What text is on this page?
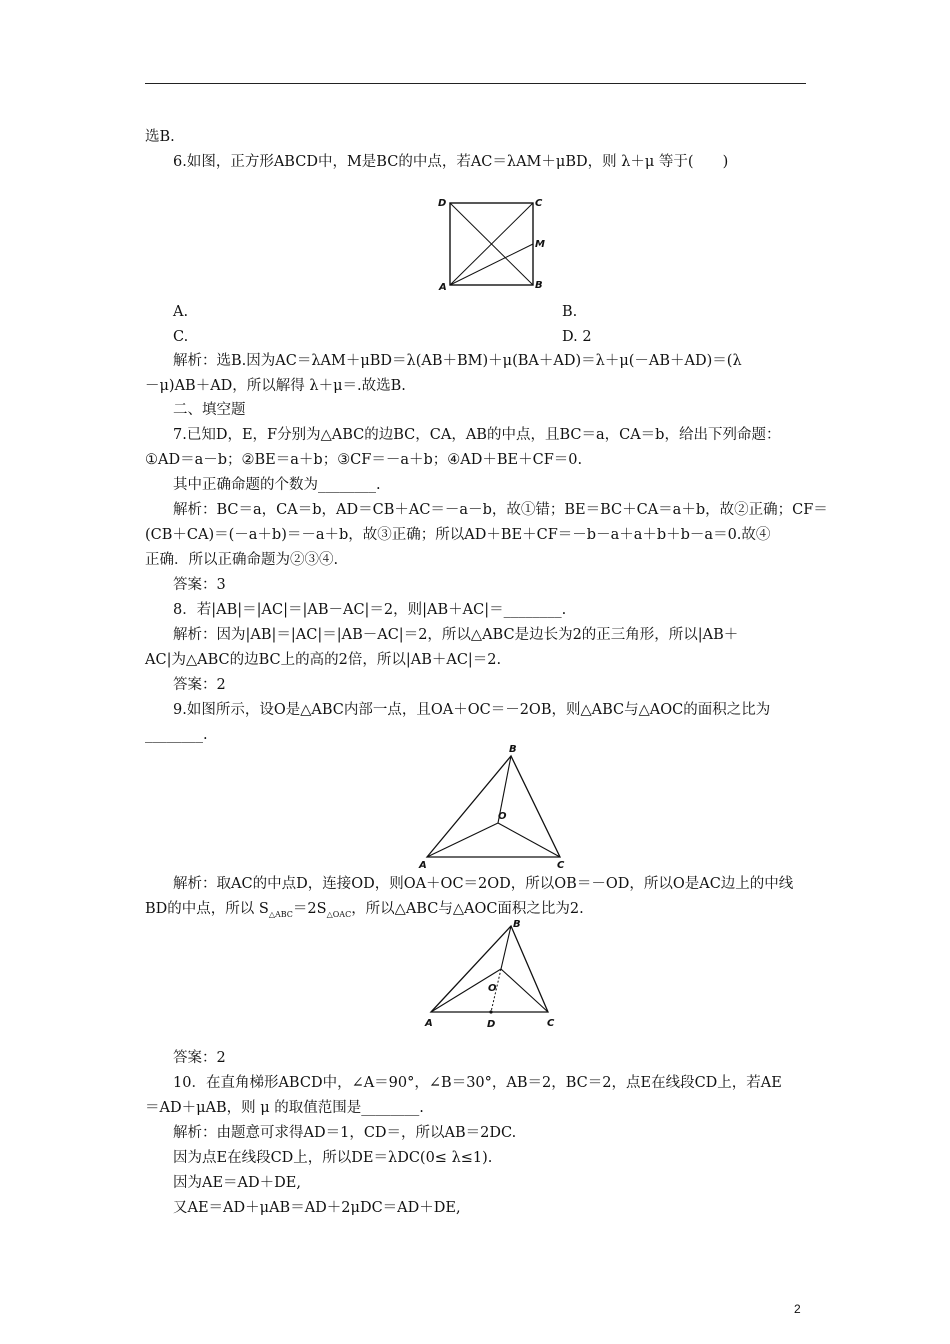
选B.
6.如图，正方形ABCD中，M是BC的中点，若AC＝λAM＋μBD，则 λ＋μ 等于(　　)
D	C
M
A	B
A.	B.
C.	D. 2
解析：选B.因为AC＝λAM＋μBD＝λ(AB＋BM)＋μ(BA＋AD)＝λ＋μ(－AB＋AD)＝(λ
－μ)AB＋AD，所以解得 λ＋μ＝.故选B.
二、填空题
7.已知D，E，F分别为△ABC的边BC，CA，AB的中点，且BC＝a，CA＝b，给出下列命题：
①AD＝a－b；②BE＝a＋b；③CF＝－a＋b；④AD＋BE＋CF＝0.
其中正确命题的个数为________.
解析：BC＝a，CA＝b，AD＝CB＋AC＝－a－b，故①错；BE＝BC＋CA＝a＋b，故②正确；CF＝
(CB＋CA)＝(－a＋b)＝－a＋b，故③正确；所以AD＋BE＋CF＝－b－a＋a＋b＋b－a＝0.故④
正确．所以正确命题为②③④.
答案：3
8．若|AB|＝|AC|＝|AB－AC|＝2，则|AB＋AC|＝________.
解析：因为|AB|＝|AC|＝|AB－AC|＝2，所以△ABC是边长为2的正三角形，所以|AB＋
AC|为△ABC的边BC上的高的2倍，所以|AB＋AC|＝2.
答案：2
9.如图所示，设O是△ABC内部一点，且OA＋OC＝－2OB，则△ABC与△AOC的面积之比为
________.
B
O
A	C
解析：取AC的中点D，连接OD，则OA＋OC＝2OD，所以OB＝－OD，所以O是AC边上的中线
BD的中点，所以 $S_{\triangle ABC}=2S_{\triangle OAC}$，所以△ABC与△AOC面积之比为2.
B
O
A	D	C
答案：2
10．在直角梯形ABCD中，∠A＝90°，∠B＝30°，AB＝2，BC＝2，点E在线段CD上，若AE
＝AD＋μAB，则 μ 的取值范围是________.
解析：由题意可求得AD＝1，CD＝，所以AB＝2DC.
因为点E在线段CD上，所以DE＝λDC(0≤ λ≤1).
因为AE＝AD＋DE,
又AE＝AD＋μAB＝AD＋2μDC＝AD＋DE,
2
